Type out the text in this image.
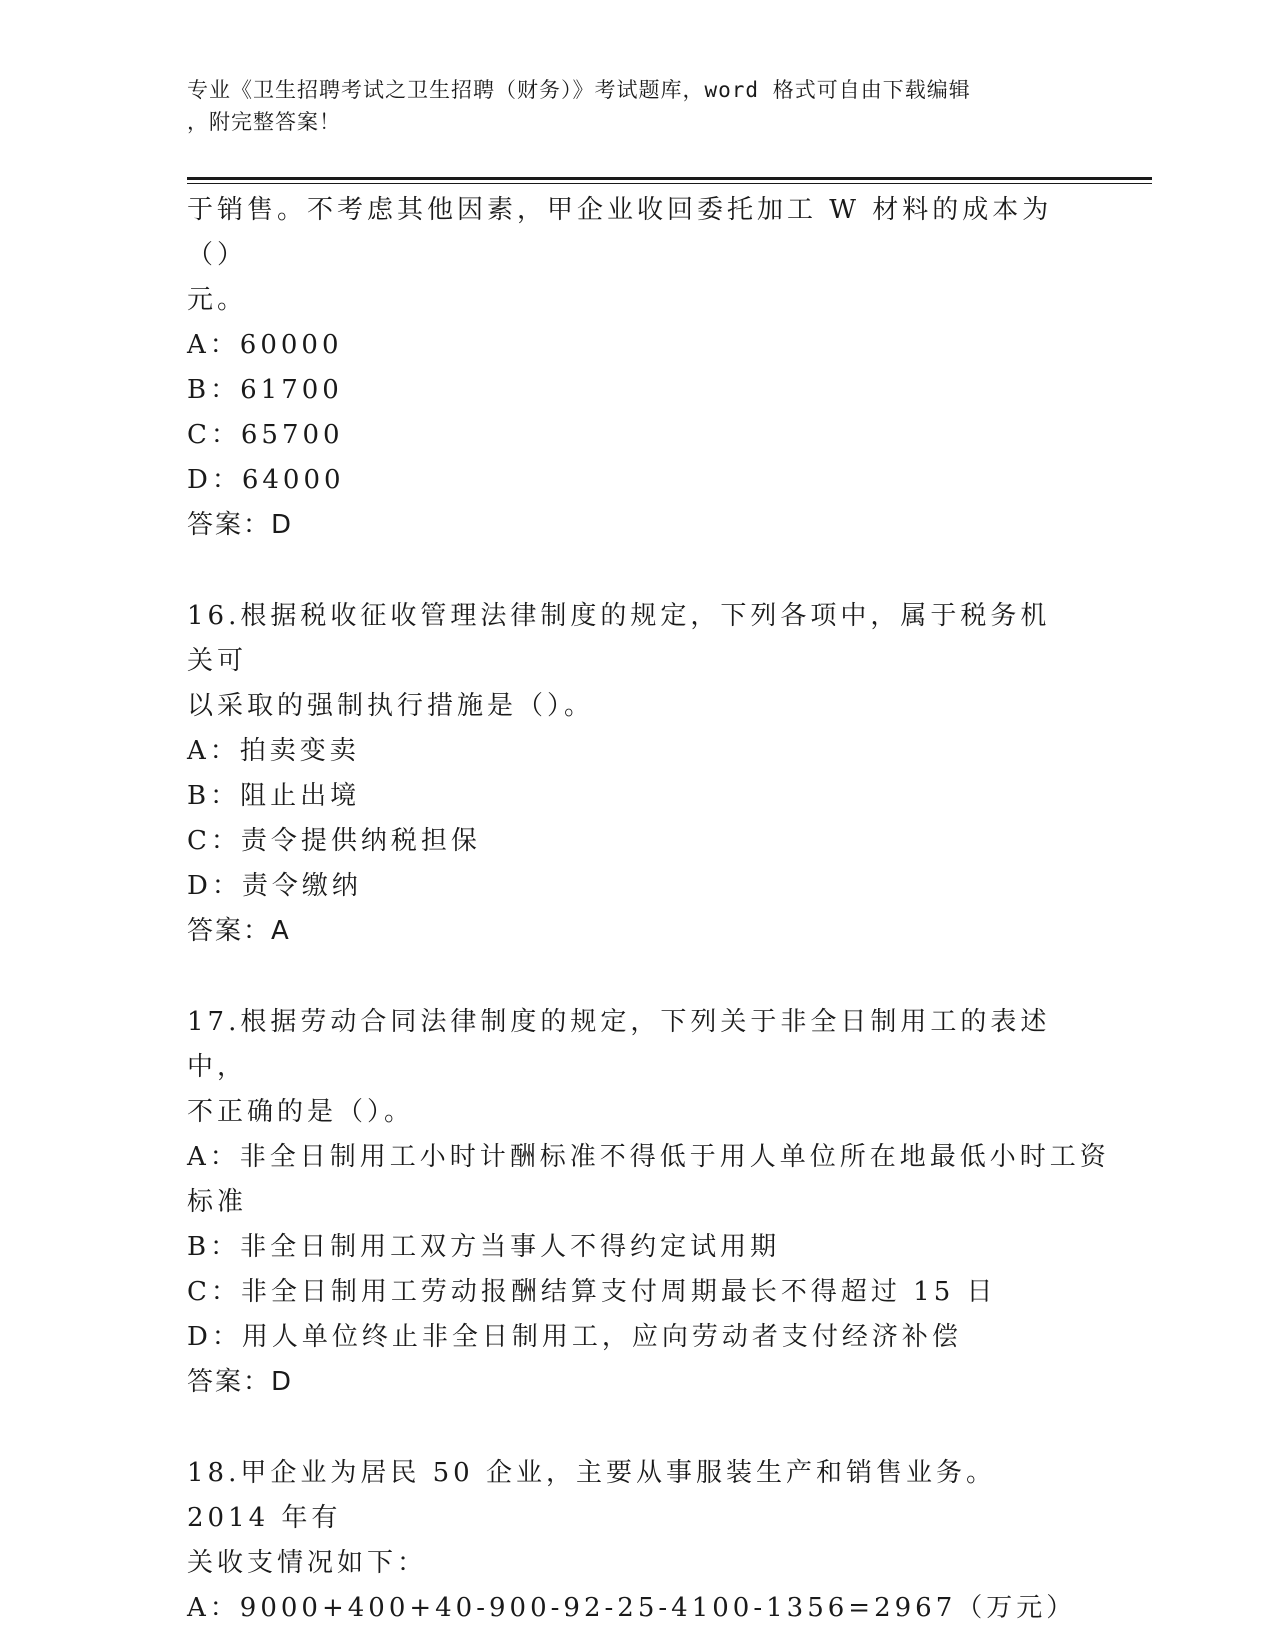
专业《卫生招聘考试之卫生招聘（财务）》考试题库，word 格式可自由下载编辑
，附完整答案！
于销售。不考虑其他因素，甲企业收回委托加工 W 材料的成本为（）
元。
A：60000
B：61700
C：65700
D：64000
答案：D
16.根据税收征收管理法律制度的规定，下列各项中，属于税务机关可
以采取的强制执行措施是（）。
A：拍卖变卖
B：阻止出境
C：责令提供纳税担保
D：责令缴纳
答案：A
17.根据劳动合同法律制度的规定，下列关于非全日制用工的表述中，
不正确的是（）。
A：非全日制用工小时计酬标准不得低于用人单位所在地最低小时工资
标准
B：非全日制用工双方当事人不得约定试用期
C：非全日制用工劳动报酬结算支付周期最长不得超过 15 日
D：用人单位终止非全日制用工，应向劳动者支付经济补偿
答案：D
18.甲企业为居民 50 企业，主要从事服装生产和销售业务。2014 年有
关收支情况如下：
A：9000+400+40-900-92-25-4100-1356=2967（万元）
